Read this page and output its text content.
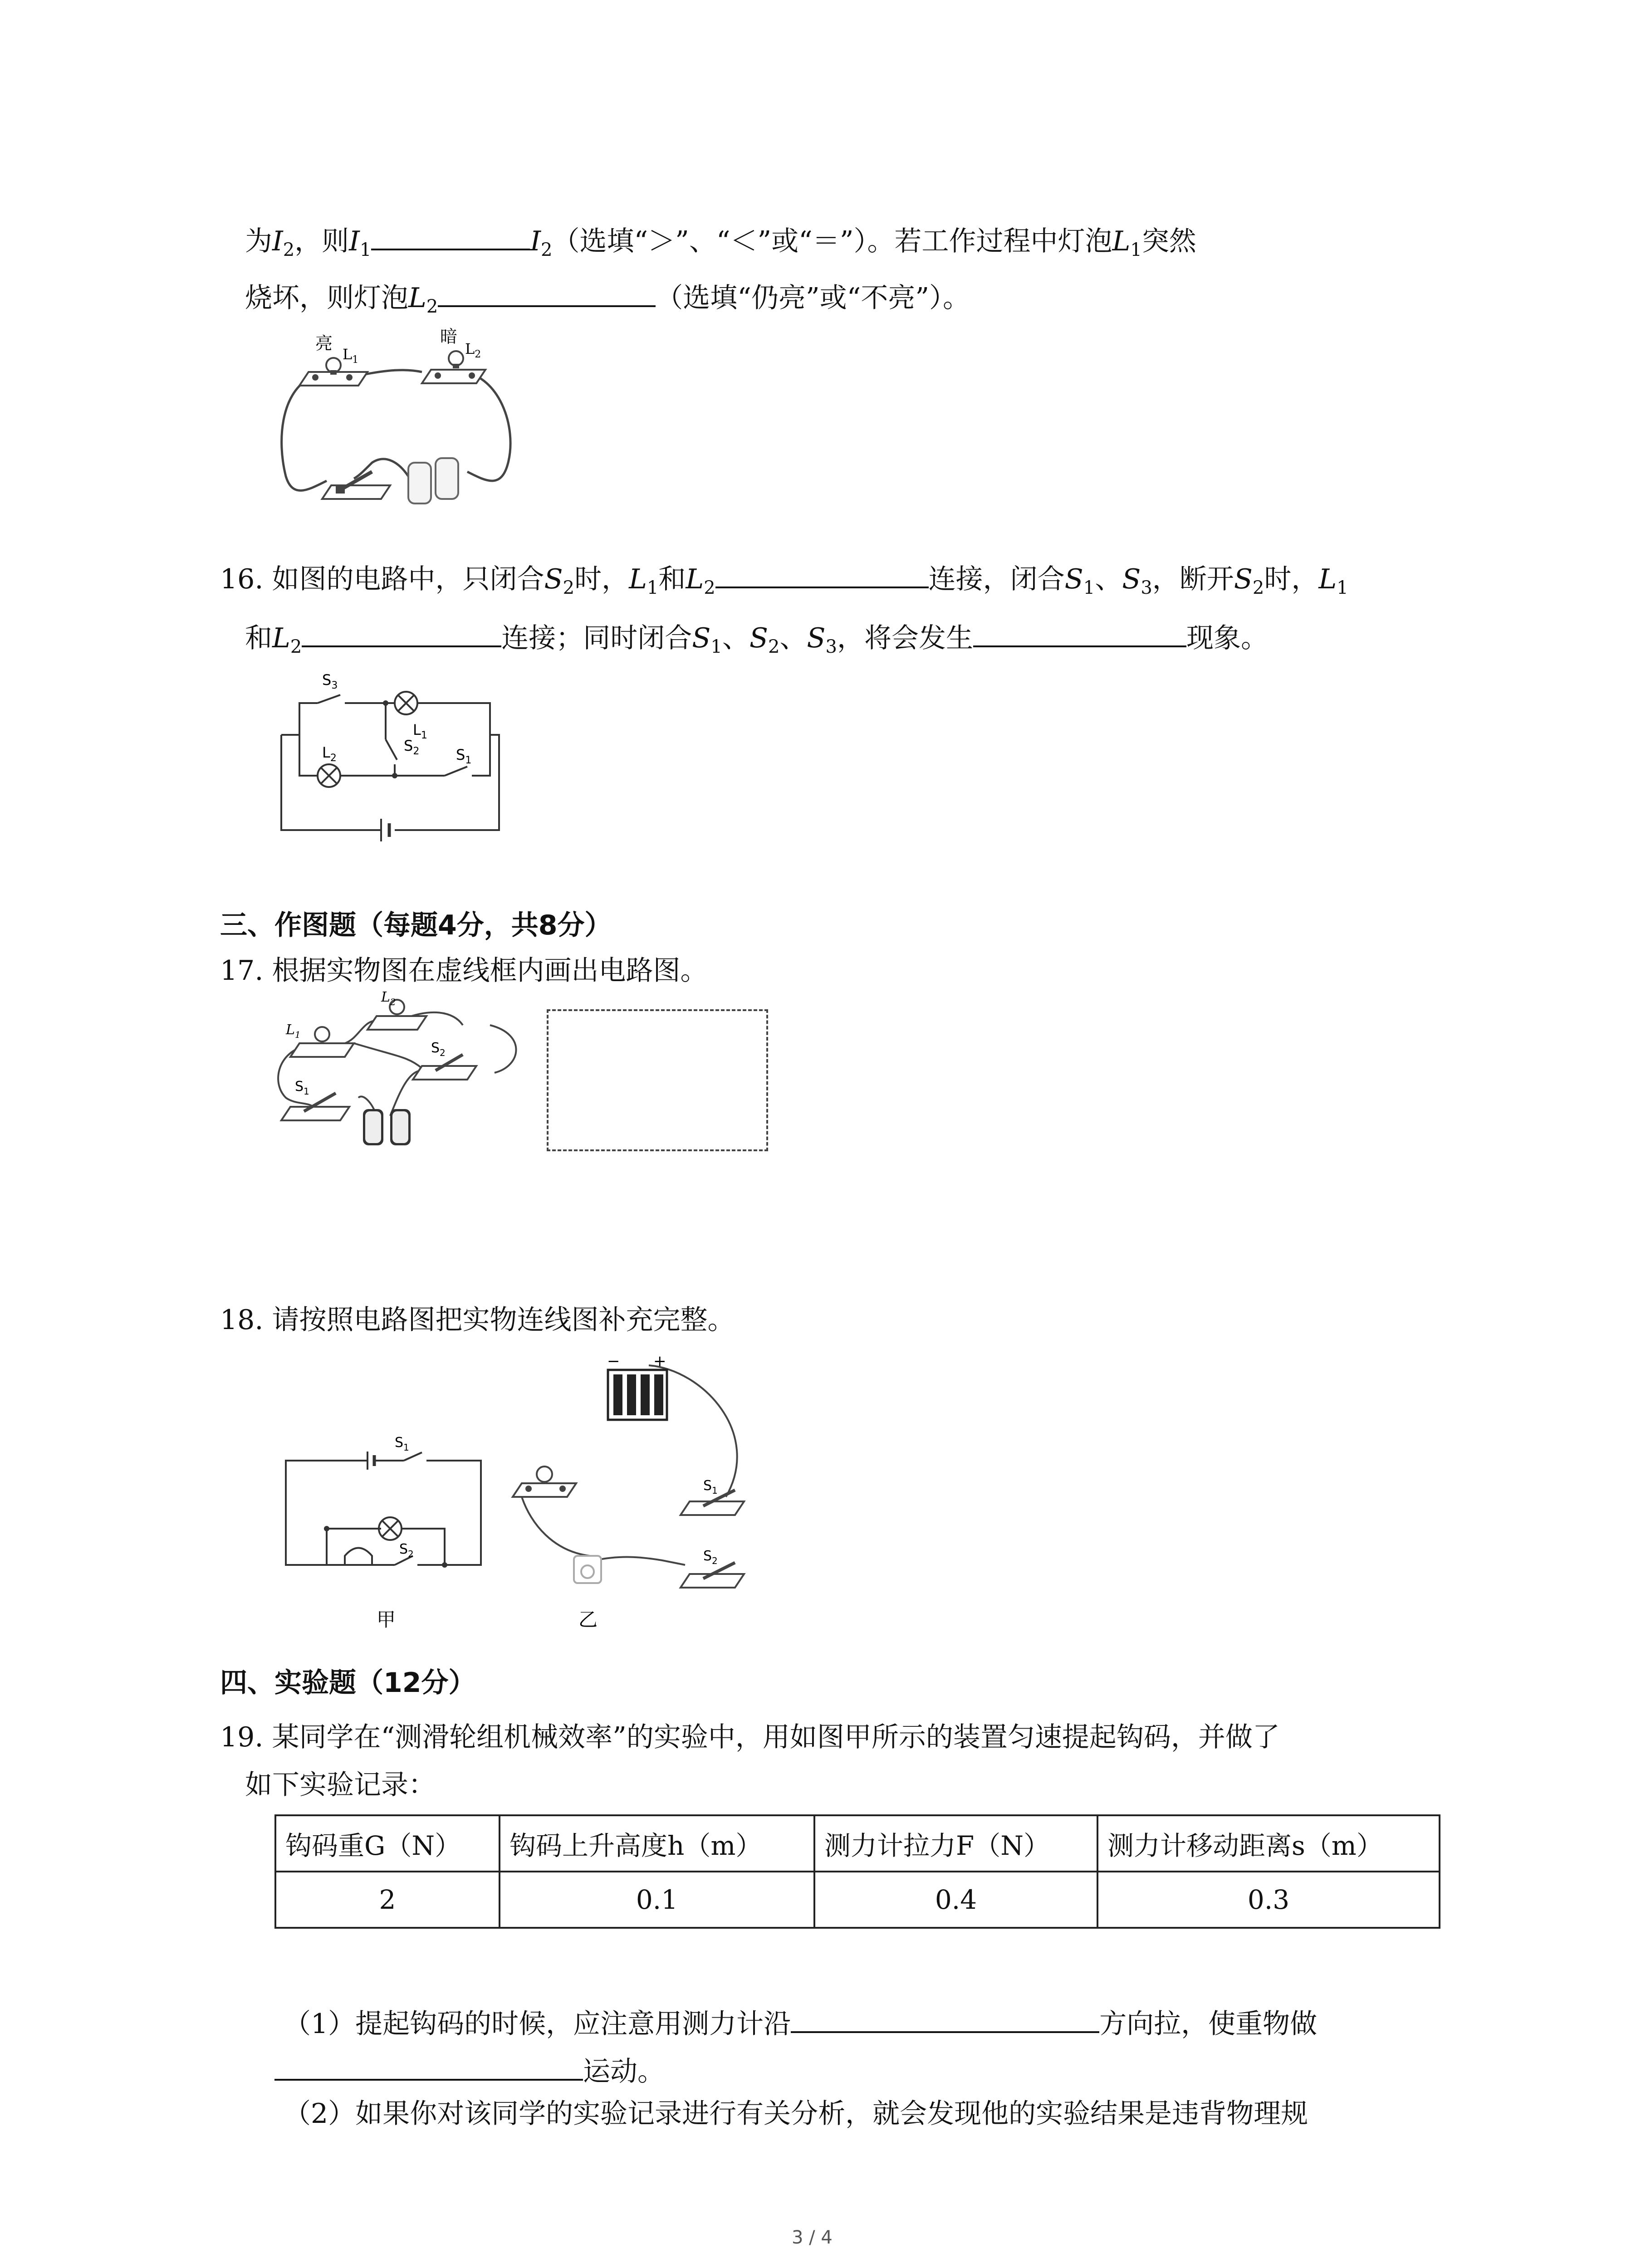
为$I_2$，则$I_1$	$I_2$（选填“＞”、“＜”或“＝”）。若工作过程中灯泡$L_1$突然
烧坏，则灯泡$L_2$	（选填“仍亮”或“不亮”）。
亮
$L_1$
暗
$L_2$
16. 如图的电路中，只闭合$S_2$时，$L_1$和$L_2$	连接，闭合$S_1$、$S_3$，断开$S_2$时，$L_1$
和$L_2$	连接；同时闭合$S_1$、$S_2$、$S_3$，将会发生	现象。
$S_3$
$L_1$
$L_2$
$S_2$	$S_1$
三、作图题（每题4分，共8分）
17. 根据实物图在虚线框内画出电路图。
$L_1$
$L_2$
$S_2$
$S_1$
18. 请按照电路图把实物连线图补充完整。
$S_1$
$S_2$
甲
− +
$S_1$
$S_2$
乙
四、实验题（12分）
19. 某同学在“测滑轮组机械效率”的实验中，用如图甲所示的装置匀速提起钩码，并做了
如下实验记录：
钩码重G（N）	钩码上升高度h（m）	测力计拉力F（N）	测力计移动距离s（m）
2	0.1	0.4	0.3
（1）提起钩码的时候，应注意用测力计沿	方向拉，使重物做
运动。
（2）如果你对该同学的实验记录进行有关分析，就会发现他的实验结果是违背物理规
3 / 4
